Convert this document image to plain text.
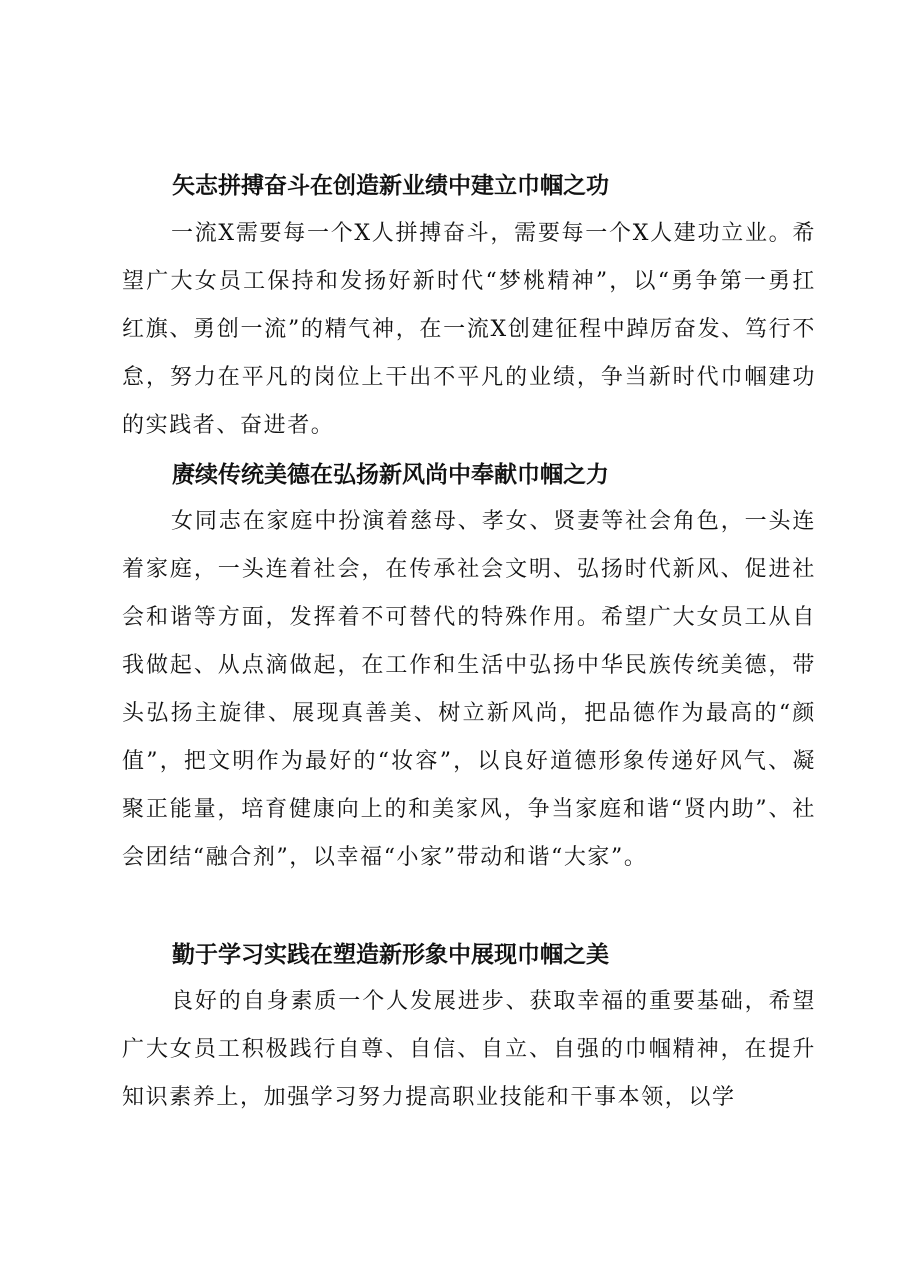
矢志拼搏奋斗在创造新业绩中建立巾帼之功

一流X需要每一个X人拼搏奋斗，需要每一个X人建功立业。希望广大女员工保持和发扬好新时代“梦桃精神”，以“勇争第一勇扛红旗、勇创一流”的精气神，在一流X创建征程中踔厉奋发、笃行不怠，努力在平凡的岗位上干出不平凡的业绩，争当新时代巾帼建功的实践者、奋进者。

赓续传统美德在弘扬新风尚中奉献巾帼之力

女同志在家庭中扮演着慈母、孝女、贤妻等社会角色，一头连着家庭，一头连着社会，在传承社会文明、弘扬时代新风、促进社会和谐等方面，发挥着不可替代的特殊作用。希望广大女员工从自我做起、从点滴做起，在工作和生活中弘扬中华民族传统美德，带头弘扬主旋律、展现真善美、树立新风尚，把品德作为最高的“颜值”，把文明作为最好的“妆容”，以良好道德形象传递好风气、凝聚正能量，培育健康向上的和美家风，争当家庭和谐“贤内助”、社会团结“融合剂”，以幸福“小家”带动和谐“大家”。

勤于学习实践在塑造新形象中展现巾帼之美

良好的自身素质一个人发展进步、获取幸福的重要基础，希望广大女员工积极践行自尊、自信、自立、自强的巾帼精神，在提升知识素养上，加强学习努力提高职业技能和干事本领，以学
